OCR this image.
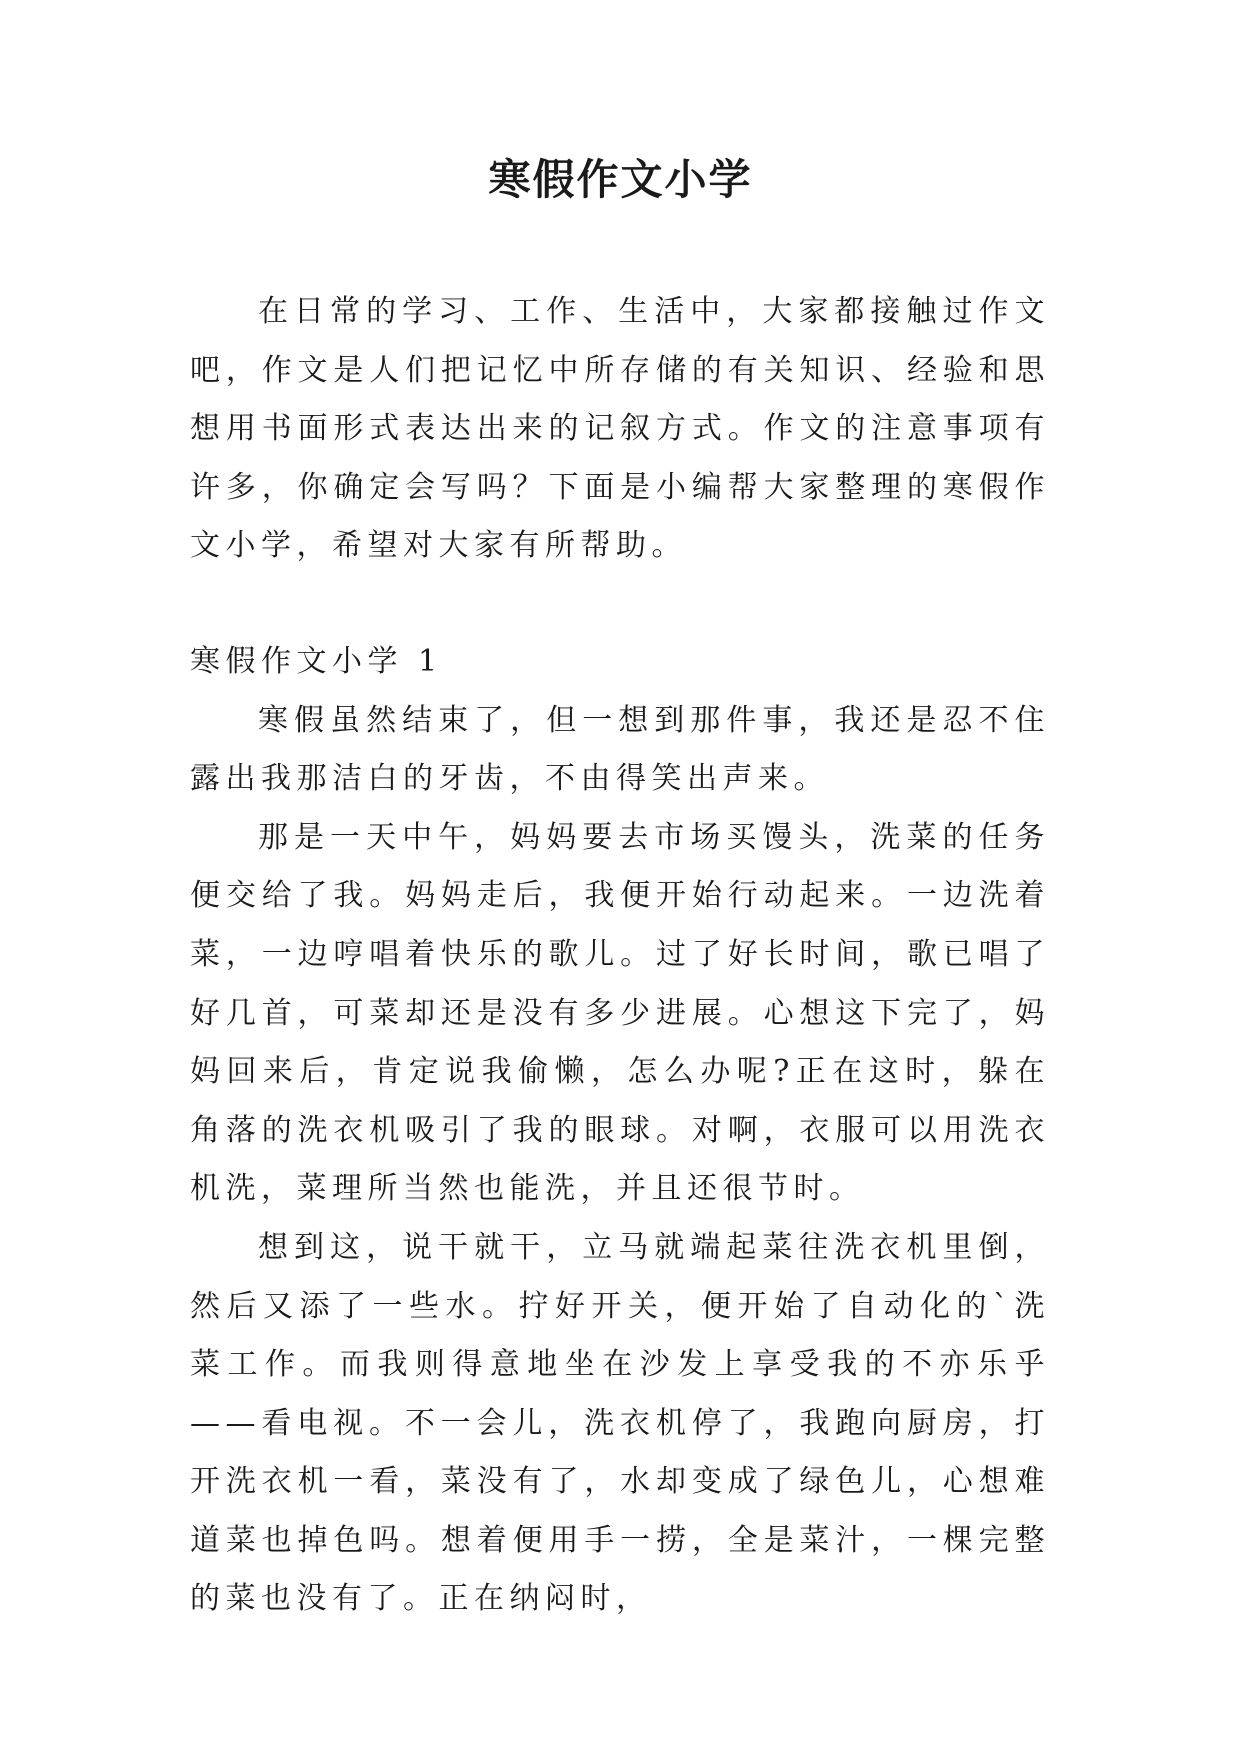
寒假作文小学

在日常的学习、工作、生活中，大家都接触过作文吧，作文是人们把记忆中所存储的有关知识、经验和思想用书面形式表达出来的记叙方式。作文的注意事项有许多，你确定会写吗？下面是小编帮大家整理的寒假作文小学，希望对大家有所帮助。

寒假作文小学 1

寒假虽然结束了，但一想到那件事，我还是忍不住露出我那洁白的牙齿，不由得笑出声来。

那是一天中午，妈妈要去市场买馒头，洗菜的任务便交给了我。妈妈走后，我便开始行动起来。一边洗着菜，一边哼唱着快乐的歌儿。过了好长时间，歌已唱了好几首，可菜却还是没有多少进展。心想这下完了，妈妈回来后，肯定说我偷懒，怎么办呢?正在这时，躲在角落的洗衣机吸引了我的眼球。对啊，衣服可以用洗衣机洗，菜理所当然也能洗，并且还很节时。

想到这，说干就干，立马就端起菜往洗衣机里倒，然后又添了一些水。拧好开关，便开始了自动化的`洗菜工作。而我则得意地坐在沙发上享受我的不亦乐乎——看电视。不一会儿，洗衣机停了，我跑向厨房，打开洗衣机一看，菜没有了，水却变成了绿色儿，心想难道菜也掉色吗。想着便用手一捞，全是菜汁，一棵完整的菜也没有了。正在纳闷时，
